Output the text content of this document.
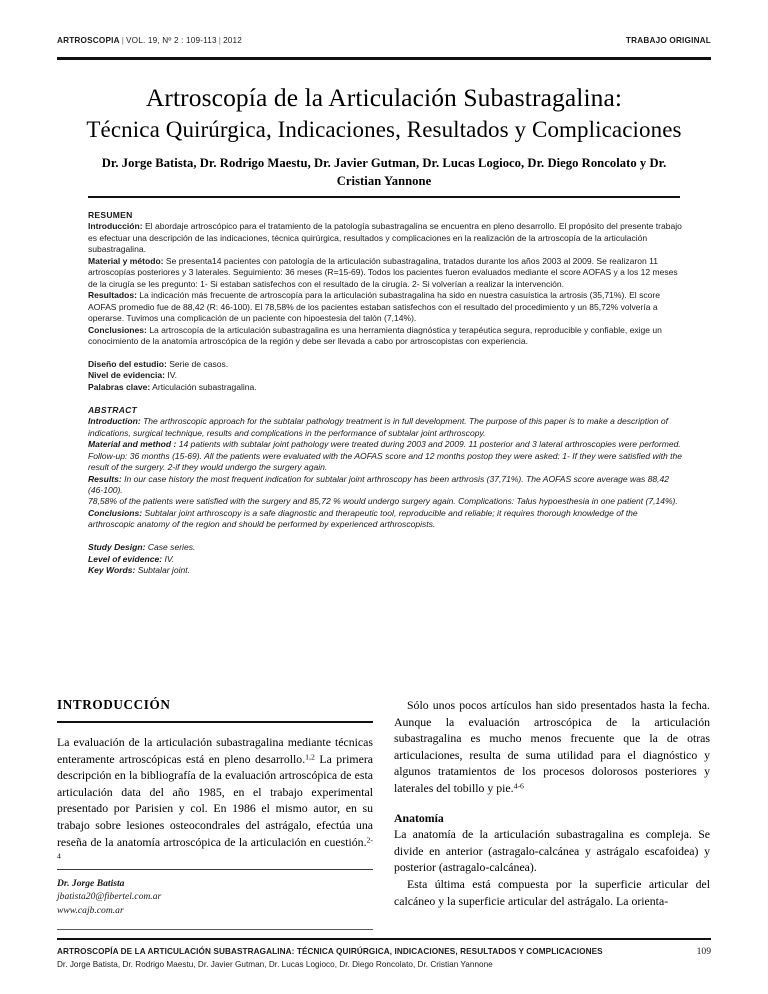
ARTROSCOPIA | VOL. 19, Nº 2 : 109-113 | 2012	TRABAJO ORIGINAL
Artroscopía de la Articulación Subastragalina:
Técnica Quirúrgica, Indicaciones, Resultados y Complicaciones
Dr. Jorge Batista, Dr. Rodrigo Maestu, Dr. Javier Gutman, Dr. Lucas Logioco, Dr. Diego Roncolato y Dr. Cristian Yannone
RESUMEN

Introducción: El abordaje artroscópico para el tratamiento de la patología subastragalina se encuentra en pleno desarrollo. El propósito del presente trabajo es efectuar una descripción de las indicaciones, técnica quirúrgica, resultados y complicaciones en la realización de la artroscopía de la articulación subastragalina.

Material y método: Se presenta14 pacientes con patología de la articulación subastragalina, tratados durante los años 2003 al 2009. Se realizaron 11 artroscopías posteriores y 3 laterales. Seguimiento: 36 meses (R=15-69). Todos los pacientes fueron evaluados mediante el score AOFAS y a los 12 meses de la cirugía se les pregunto: 1- Si estaban satisfechos con el resultado de la cirugía. 2- Si volverían a realizar la intervención.

Resultados: La indicación más frecuente de artroscopía para la articulación subastragalina ha sido en nuestra casuística la artrosis (35,71%). El score AOFAS promedio fue de 88,42 (R: 46-100). El 78,58% de los pacientes estaban satisfechos con el resultado del procedimiento y un 85,72% volvería a operarse. Tuvimos una complicación de un paciente con hipoestesia del talón (7,14%).

Conclusiones: La artroscopía de la articulación subastragalina es una herramienta diagnóstica y terapéutica segura, reproducible y confiable, exige un conocimiento de la anatomía artroscópica de la región y debe ser llevada a cabo por artroscopistas con experiencia.

Diseño del estudio: Serie de casos.

Nivel de evidencia: IV.

Palabras clave: Articulación subastragalina.

ABSTRACT

Introduction: The arthroscopic approach for the subtalar pathology treatment is in full development. The purpose of this paper is to make a description of indications, surgical technique, results and complications in the performance of subtalar joint arthroscopy.

Material and method : 14 patients with subtalar joint pathology were treated during 2003 and 2009. 11 posterior and 3 lateral arthroscopies were performed. Follow-up: 36 months (15-69). All the patients were evaluated with the AOFAS score and 12 months postop they were asked: 1- If they were satisfied with the result of the surgery. 2-if they would undergo the surgery again.

Results: In our case history the most frequent indication for subtalar joint arthroscopy has been arthrosis (37,71%). The AOFAS score average was 88,42 (46-100).

78,58% of the patients were satisfied with the surgery and 85,72 % would undergo surgery again. Complications: Talus hypoesthesia in one patient (7,14%).

Conclusions: Subtalar joint arthroscopy is a safe diagnostic and therapeutic tool, reproducible and reliable; it requires thorough knowledge of the arthroscopic anatomy of the region and should be performed by experienced arthroscopists.

Study Design: Case series.

Level of evidence: IV.

Key Words: Subtalar joint.

INTRODUCCIÓN

La evaluación de la articulación subastragalina mediante técnicas enteramente artroscópicas está en pleno desarrollo.$^{1,2}$ La primera descripción en la bibliografía de la evaluación artroscópica de esta articulación data del año 1985, en el trabajo experimental presentado por Parisien y col. En 1986 el mismo autor, en su trabajo sobre lesiones osteocondrales del astrágalo, efectúa una reseña de la anatomía artroscópica de la articulación en cuestión.$^{2-4}$

Dr. Jorge Batista
jbatista20@fibertel.com.ar
www.cajb.com.ar

Sólo unos pocos artículos han sido presentados hasta la fecha. Aunque la evaluación artroscópica de la articulación subastragalina es mucho menos frecuente que la de otras articulaciones, resulta de suma utilidad para el diagnóstico y algunos tratamientos de los procesos dolorosos posteriores y laterales del tobillo y pie.$^{4-6}$

Anatomía

La anatomía de la articulación subastragalina es compleja. Se divide en anterior (astragalo-calcánea y astrágalo escafoidea) y posterior (astragalo-calcánea).

Esta última está compuesta por la superficie articular del calcáneo y la superficie articular del astrágalo. La orienta-

ARTROSCOPÍA DE LA ARTICULACIÓN SUBASTRAGALINA: TÉCNICA QUIRÚRGICA, INDICACIONES, RESULTADOS Y COMPLICACIONES	109
Dr. Jorge Batista, Dr. Rodrigo Maestu, Dr. Javier Gutman, Dr. Lucas Logioco, Dr. Diego Roncolato, Dr. Cristian Yannone
